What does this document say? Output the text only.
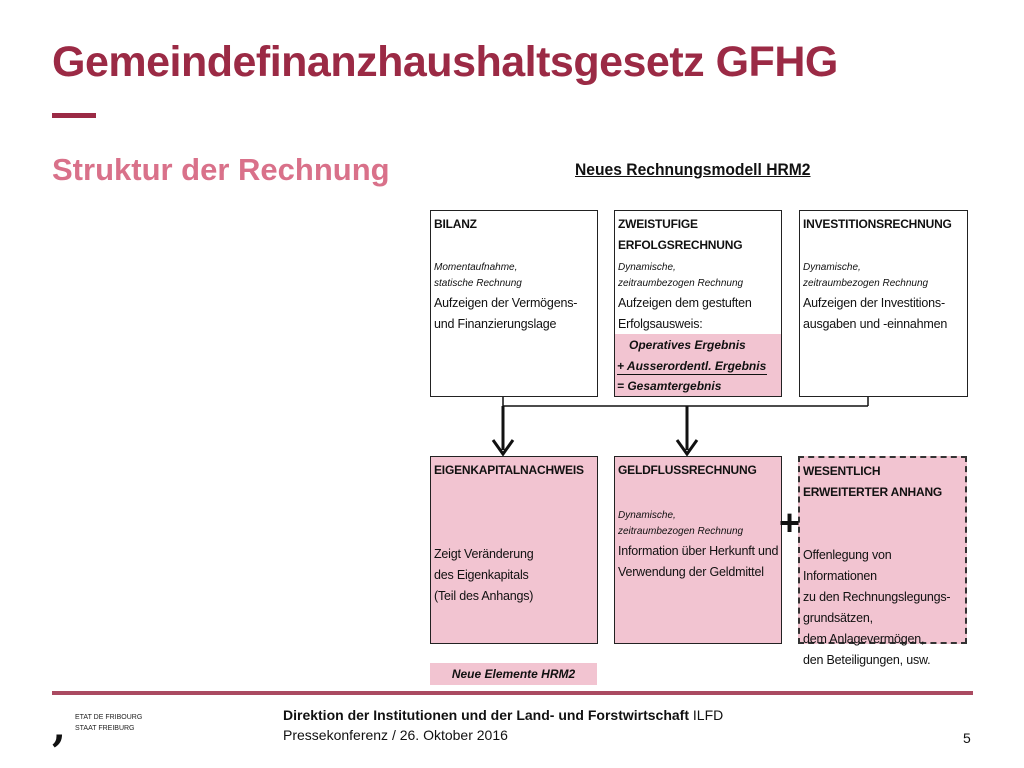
Gemeindefinanzhaushaltsgesetz GFHG
Struktur der Rechnung	Neues Rechnungsmodell HRM2
BILANZ
Momentaufnahme,
statische Rechnung
Aufzeigen der Vermögens-
und Finanzierungslage
ZWEISTUFIGE
ERFOLGSRECHNUNG
Dynamische,
zeitraumbezogen Rechnung
Aufzeigen dem gestuften
Erfolgsausweis:
Operatives Ergebnis
+ Ausserordentl. Ergebnis
= Gesamtergebnis
INVESTITIONSRECHNUNG
Dynamische,
zeitraumbezogen Rechnung
Aufzeigen der Investitions-
ausgaben und -einnahmen
EIGENKAPITALNACHWEIS
Zeigt Veränderung
des Eigenkapitals
(Teil des Anhangs)
GELDFLUSSRECHNUNG
Dynamische,
zeitraumbezogen Rechnung
Information über Herkunft und
Verwendung der Geldmittel
WESENTLICH
ERWEITERTER ANHANG
Offenlegung von Informationen
zu den Rechnungslegungs-
grundsätzen,
dem Anlagevermögen,
den Beteiligungen, usw.
+
Neue Elemente HRM2
, ETAT DE FRIBOURG
STAAT FREIBURG
Direktion der Institutionen und der Land- und Forstwirtschaft ILFD
Pressekonferenz / 26. Oktober 2016	5
